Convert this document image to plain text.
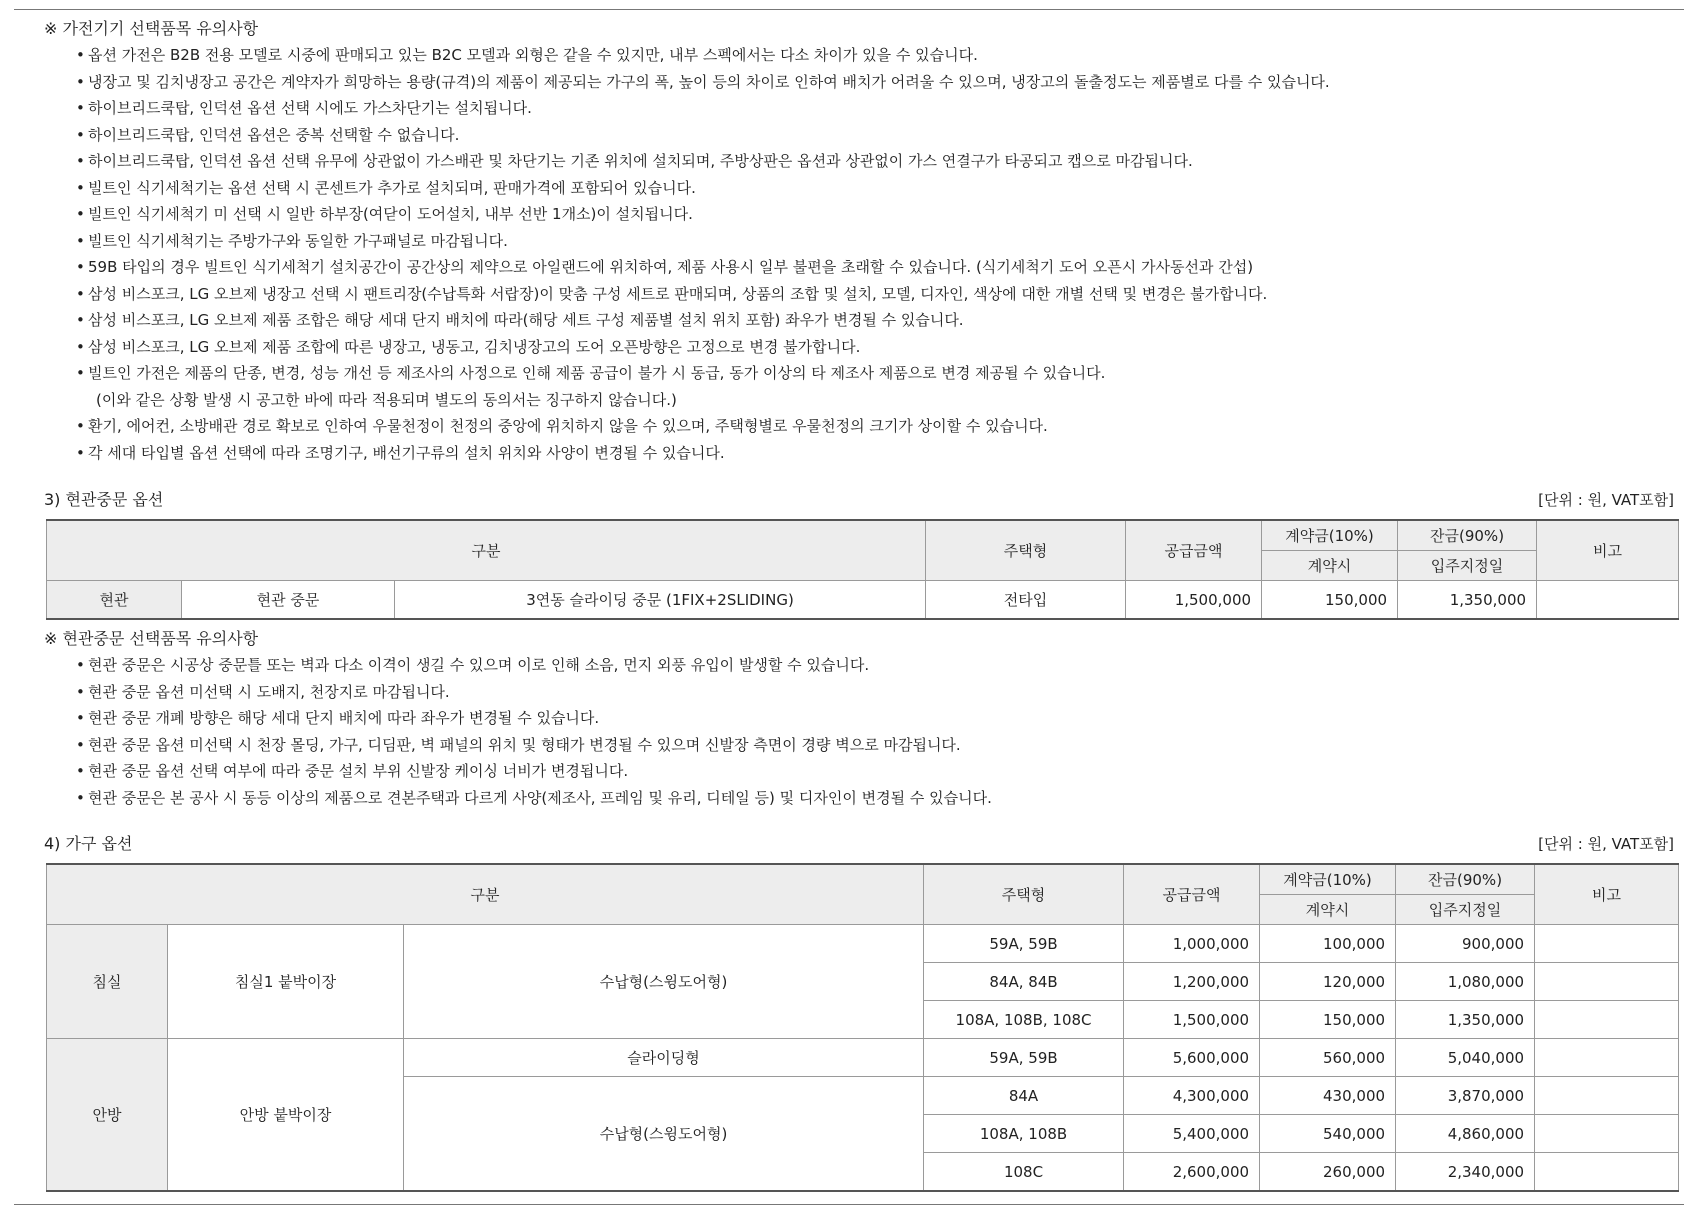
※ 가전기기 선택품목 유의사항

• 옵션 가전은 B2B 전용 모델로 시중에 판매되고 있는 B2C 모델과 외형은 같을 수 있지만, 내부 스펙에서는 다소 차이가 있을 수 있습니다.
• 냉장고 및 김치냉장고 공간은 계약자가 희망하는 용량(규격)의 제품이 제공되는 가구의 폭, 높이 등의 차이로 인하여 배치가 어려울 수 있으며, 냉장고의 돌출정도는 제품별로 다를 수 있습니다.
• 하이브리드쿡탑, 인덕션 옵션 선택 시에도 가스차단기는 설치됩니다.
• 하이브리드쿡탑, 인덕션 옵션은 중복 선택할 수 없습니다.
• 하이브리드쿡탑, 인덕션 옵션 선택 유무에 상관없이 가스배관 및 차단기는 기존 위치에 설치되며, 주방상판은 옵션과 상관없이 가스 연결구가 타공되고 캡으로 마감됩니다.
• 빌트인 식기세척기는 옵션 선택 시 콘센트가 추가로 설치되며, 판매가격에 포함되어 있습니다.
• 빌트인 식기세척기 미 선택 시 일반 하부장(여닫이 도어설치, 내부 선반 1개소)이 설치됩니다.
• 빌트인 식기세척기는 주방가구와 동일한 가구패널로 마감됩니다.
• 59B 타입의 경우 빌트인 식기세척기 설치공간이 공간상의 제약으로 아일랜드에 위치하여, 제품 사용시 일부 불편을 초래할 수 있습니다. (식기세척기 도어 오픈시 가사동선과 간섭)
• 삼성 비스포크, LG 오브제 냉장고 선택 시 팬트리장(수납특화 서랍장)이 맞춤 구성 세트로 판매되며, 상품의 조합 및 설치, 모델, 디자인, 색상에 대한 개별 선택 및 변경은 불가합니다.
• 삼성 비스포크, LG 오브제 제품 조합은 해당 세대 단지 배치에 따라(해당 세트 구성 제품별 설치 위치 포함) 좌우가 변경될 수 있습니다.
• 삼성 비스포크, LG 오브제 제품 조합에 따른 냉장고, 냉동고, 김치냉장고의 도어 오픈방향은 고정으로 변경 불가합니다.
• 빌트인 가전은 제품의 단종, 변경, 성능 개선 등 제조사의 사정으로 인해 제품 공급이 불가 시 동급, 동가 이상의 타 제조사 제품으로 변경 제공될 수 있습니다.
(이와 같은 상황 발생 시 공고한 바에 따라 적용되며 별도의 동의서는 징구하지 않습니다.)
• 환기, 에어컨, 소방배관 경로 확보로 인하여 우물천정이 천정의 중앙에 위치하지 않을 수 있으며, 주택형별로 우물천정의 크기가 상이할 수 있습니다.
• 각 세대 타입별 옵션 선택에 따라 조명기구, 배선기구류의 설치 위치와 사양이 변경될 수 있습니다.
3) 현관중문 옵션	[단위 : 원, VAT포함]
구분			주택형	공급금액	계약금(10%)	잔금(90%)	비고
					계약시	입주지정일	
현관	현관 중문	3연동 슬라이딩 중문 (1FIX+2SLIDING)	전타입	1,500,000	150,000	1,350,000	

※ 현관중문 선택품목 유의사항

• 현관 중문은 시공상 중문틀 또는 벽과 다소 이격이 생길 수 있으며 이로 인해 소음, 먼지 외풍 유입이 발생할 수 있습니다.
• 현관 중문 옵션 미선택 시 도배지, 천장지로 마감됩니다.
• 현관 중문 개폐 방향은 해당 세대 단지 배치에 따라 좌우가 변경될 수 있습니다.
• 현관 중문 옵션 미선택 시 천장 몰딩, 가구, 디딤판, 벽 패널의 위치 및 형태가 변경될 수 있으며 신발장 측면이 경량 벽으로 마감됩니다.
• 현관 중문 옵션 선택 여부에 따라 중문 설치 부위 신발장 케이싱 너비가 변경됩니다.
• 현관 중문은 본 공사 시 동등 이상의 제품으로 견본주택과 다르게 사양(제조사, 프레임 및 유리, 디테일 등) 및 디자인이 변경될 수 있습니다.
4) 가구 옵션	[단위 : 원, VAT포함]
구분			주택형	공급금액	계약금(10%)	잔금(90%)	비고
					계약시	입주지정일	
침실	침실1 붙박이장	수납형(스윙도어형)	59A, 59B	1,000,000	100,000	900,000	
			84A, 84B	1,200,000	120,000	1,080,000	
			108A, 108B, 108C	1,500,000	150,000	1,350,000	
안방	안방 붙박이장	슬라이딩형	59A, 59B	5,600,000	560,000	5,040,000	
		수납형(스윙도어형)	84A	4,300,000	430,000	3,870,000	
			108A, 108B	5,400,000	540,000	4,860,000	
			108C	2,600,000	260,000	2,340,000	
